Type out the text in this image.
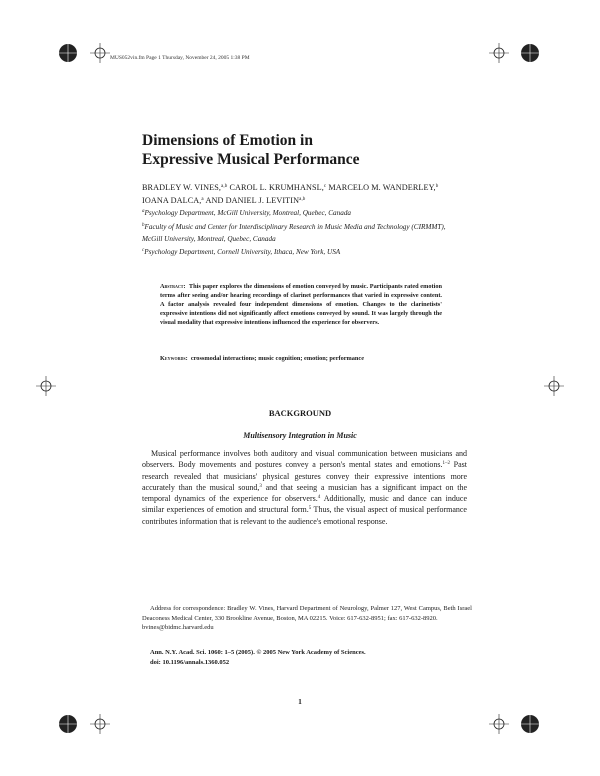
MUS052vin.fm Page 1 Thursday, November 24, 2005 1:38 PM
Dimensions of Emotion in
Expressive Musical Performance
BRADLEY W. VINES,$^{a,b}$ CAROL L. KRUMHANSL,$^c$ MARCELO M. WANDERLEY,$^b$
IOANA DALCA,$^a$ AND DANIEL J. LEVITIN$^{a,b}$
$^a$Psychology Department, McGill University, Montreal, Quebec, Canada
$^b$Faculty of Music and Center for Interdisciplinary Research in Music Media and Technology (CIRMMT), McGill University, Montreal, Quebec, Canada
$^c$Psychology Department, Cornell University, Ithaca, New York, USA
Abstract: This paper explores the dimensions of emotion conveyed by music. Participants rated emotion terms after seeing and/or hearing recordings of clarinet performances that varied in expressive content. A factor analysis revealed four independent dimensions of emotion. Changes to the clarinetists' expressive intentions did not significantly affect emotions conveyed by sound. It was largely through the visual modality that expressive intentions influenced the experience for observers.
Keywords: crossmodal interactions; music cognition; emotion; performance
BACKGROUND
Multisensory Integration in Music
Musical performance involves both auditory and visual communication between musicians and observers. Body movements and postures convey a person's mental states and emotions.$^{1-2}$ Past research revealed that musicians' physical gestures convey their expressive intentions more accurately than the musical sound,$^3$ and that seeing a musician has a significant impact on the temporal dynamics of the experience for observers.$^4$ Additionally, music and dance can induce similar experiences of emotion and structural form.$^5$ Thus, the visual aspect of musical performance contributes information that is relevant to the audience's emotional response.
Address for correspondence: Bradley W. Vines, Harvard Department of Neurology, Palmer 127, West Campus, Beth Israel Deaconess Medical Center, 330 Brookline Avenue, Boston, MA 02215. Voice: 617-632-8951; fax: 617-632-8920.
bvines@bidmc.harvard.edu
Ann. N.Y. Acad. Sci. 1060: 1–5 (2005). © 2005 New York Academy of Sciences.
doi: 10.1196/annals.1360.052
1
